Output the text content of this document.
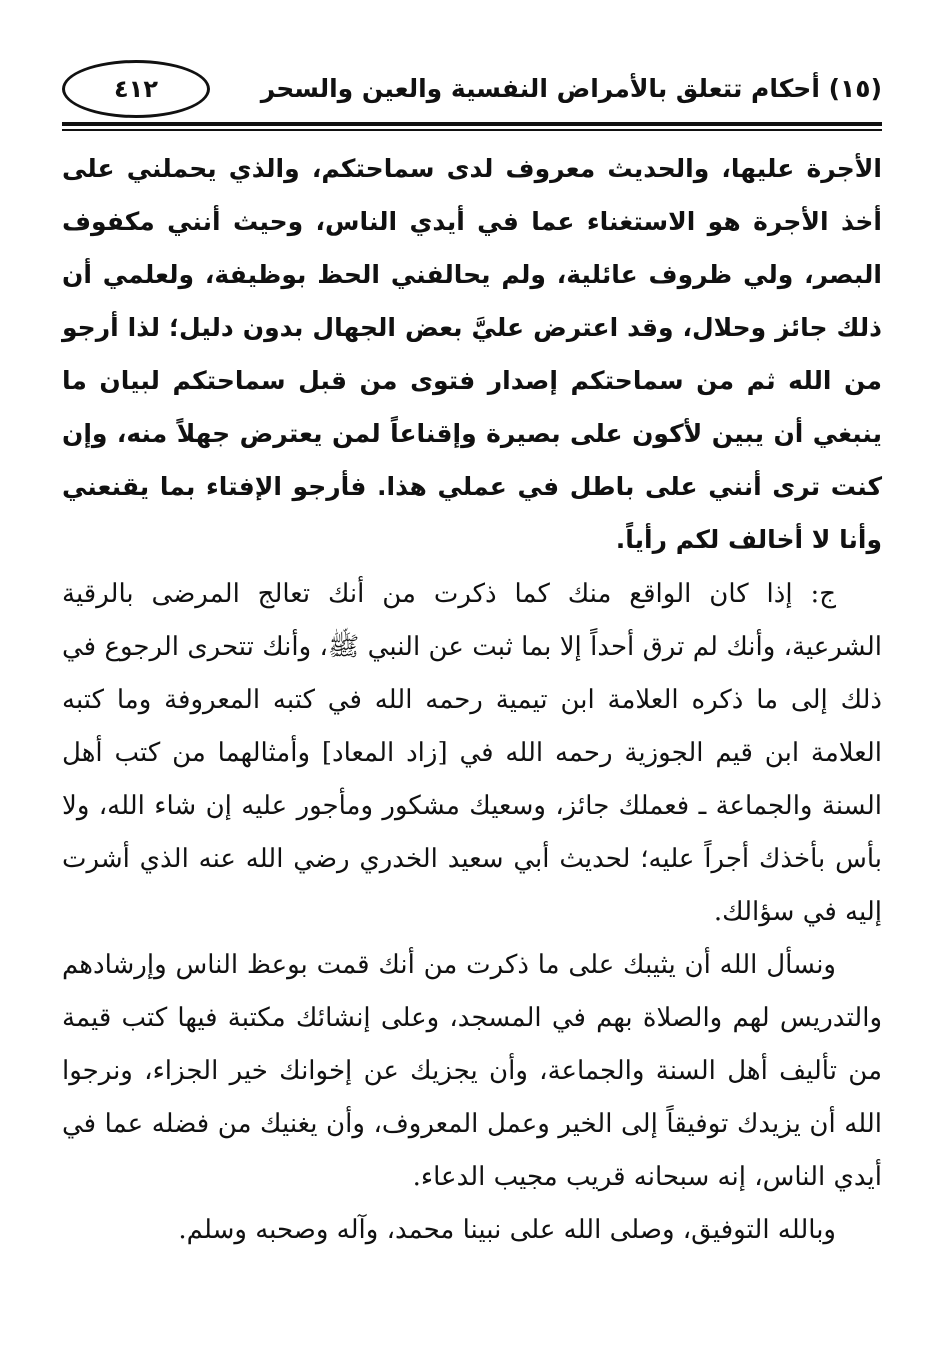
(١٥) أحكام تتعلق بالأمراض النفسية والعين والسحر
٤١٢

الأجرة عليها، والحديث معروف لدى سماحتكم، والذي يحملني على أخذ الأجرة هو الاستغناء عما في أيدي الناس، وحيث أنني مكفوف البصر، ولي ظروف عائلية، ولم يحالفني الحظ بوظيفة، ولعلمي أن ذلك جائز وحلال، وقد اعترض عليَّ بعض الجهال بدون دليل؛ لذا أرجو من الله ثم من سماحتكم إصدار فتوى من قبل سماحتكم لبيان ما ينبغي أن يبين لأكون على بصيرة وإقناعاً لمن يعترض جهلاً منه، وإن كنت ترى أنني على باطل في عملي هذا. فأرجو الإفتاء بما يقنعني وأنا لا أخالف لكم رأياً.

ج: إذا كان الواقع منك كما ذكرت من أنك تعالج المرضى بالرقية الشرعية، وأنك لم ترق أحداً إلا بما ثبت عن النبي ﷺ، وأنك تتحرى الرجوع في ذلك إلى ما ذكره العلامة ابن تيمية رحمه الله في كتبه المعروفة وما كتبه العلامة ابن قيم الجوزية رحمه الله في [زاد المعاد] وأمثالهما من كتب أهل السنة والجماعة ـ فعملك جائز، وسعيك مشكور ومأجور عليه إن شاء الله، ولا بأس بأخذك أجراً عليه؛ لحديث أبي سعيد الخدري رضي الله عنه الذي أشرت إليه في سؤالك.

ونسأل الله أن يثيبك على ما ذكرت من أنك قمت بوعظ الناس وإرشادهم والتدريس لهم والصلاة بهم في المسجد، وعلى إنشائك مكتبة فيها كتب قيمة من تأليف أهل السنة والجماعة، وأن يجزيك عن إخوانك خير الجزاء، ونرجوا الله أن يزيدك توفيقاً إلى الخير وعمل المعروف، وأن يغنيك من فضله عما في أيدي الناس، إنه سبحانه قريب مجيب الدعاء.

وبالله التوفيق، وصلى الله على نبينا محمد، وآله وصحبه وسلم.
